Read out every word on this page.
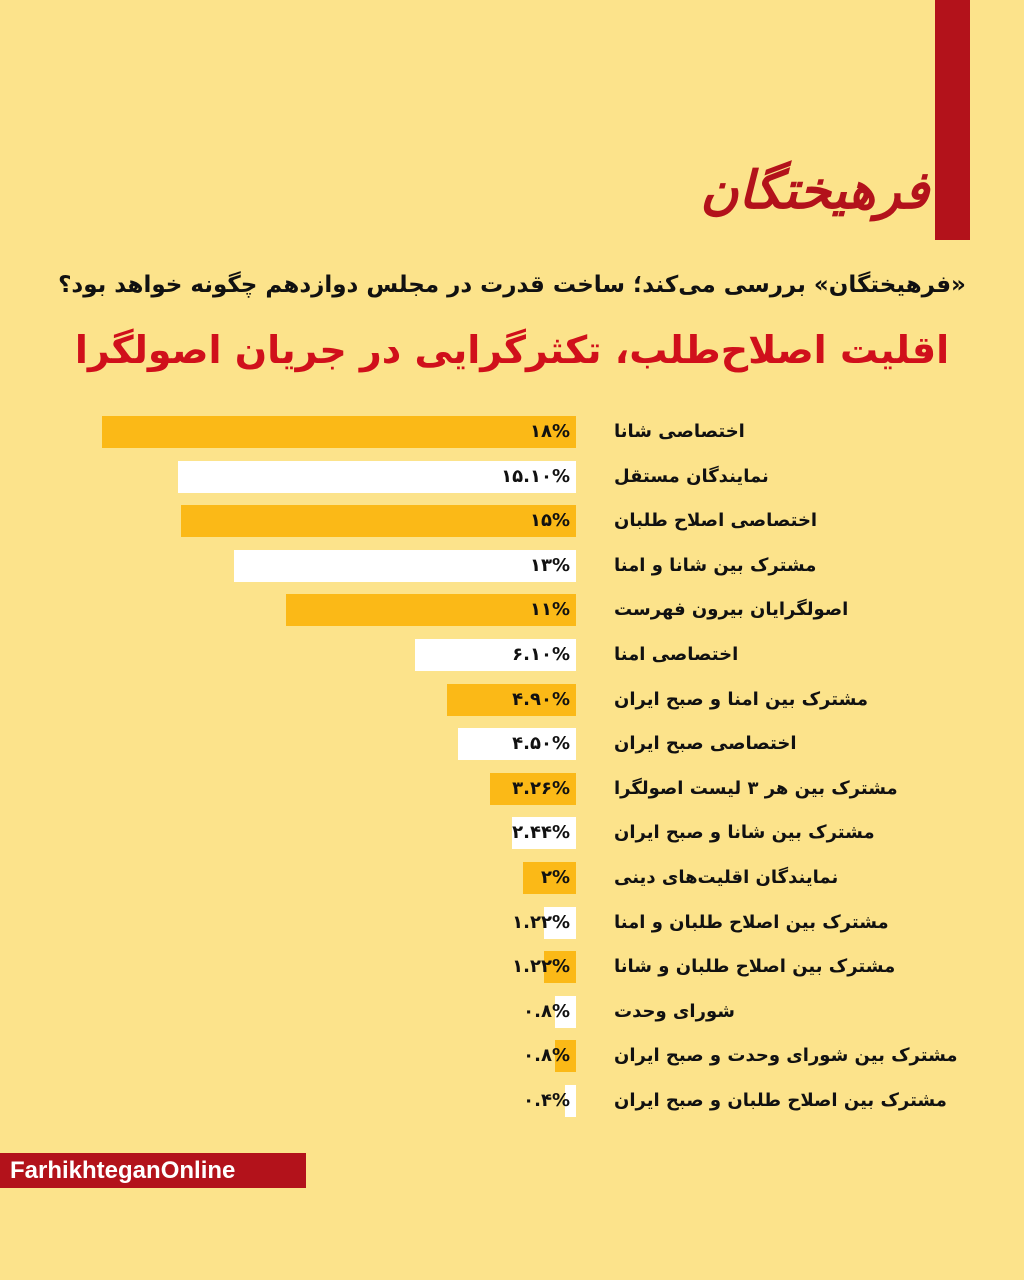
فرهیختگان
«فرهیختگان» بررسی می‌کند؛ ساخت قدرت در مجلس دوازدهم چگونه خواهد بود؟
اقلیت اصلاح‌طلب، تکثرگرایی در جریان اصولگرا
۱۸% اختصاصی شانا
۱۵.۱۰% نمایندگان مستقل
۱۵% اختصاصی اصلاح طلبان
۱۳% مشترک بین شانا و امنا
۱۱% اصولگرایان بیرون فهرست
۶.۱۰% اختصاصی امنا
۴.۹۰% مشترک بین امنا و صبح ایران
۴.۵۰% اختصاصی صبح ایران
۳.۲۶% مشترک بین هر ۳ لیست اصولگرا
۲.۴۴% مشترک بین شانا و صبح ایران
۲% نمایندگان اقلیت‌های دینی
۱.۲۲% مشترک بین اصلاح طلبان و امنا
۱.۲۲% مشترک بین اصلاح طلبان و شانا
۰.۸% شورای وحدت
۰.۸% مشترک بین شورای وحدت و صبح ایران
۰.۴% مشترک بین اصلاح طلبان و صبح ایران
FarhikhteganOnline
